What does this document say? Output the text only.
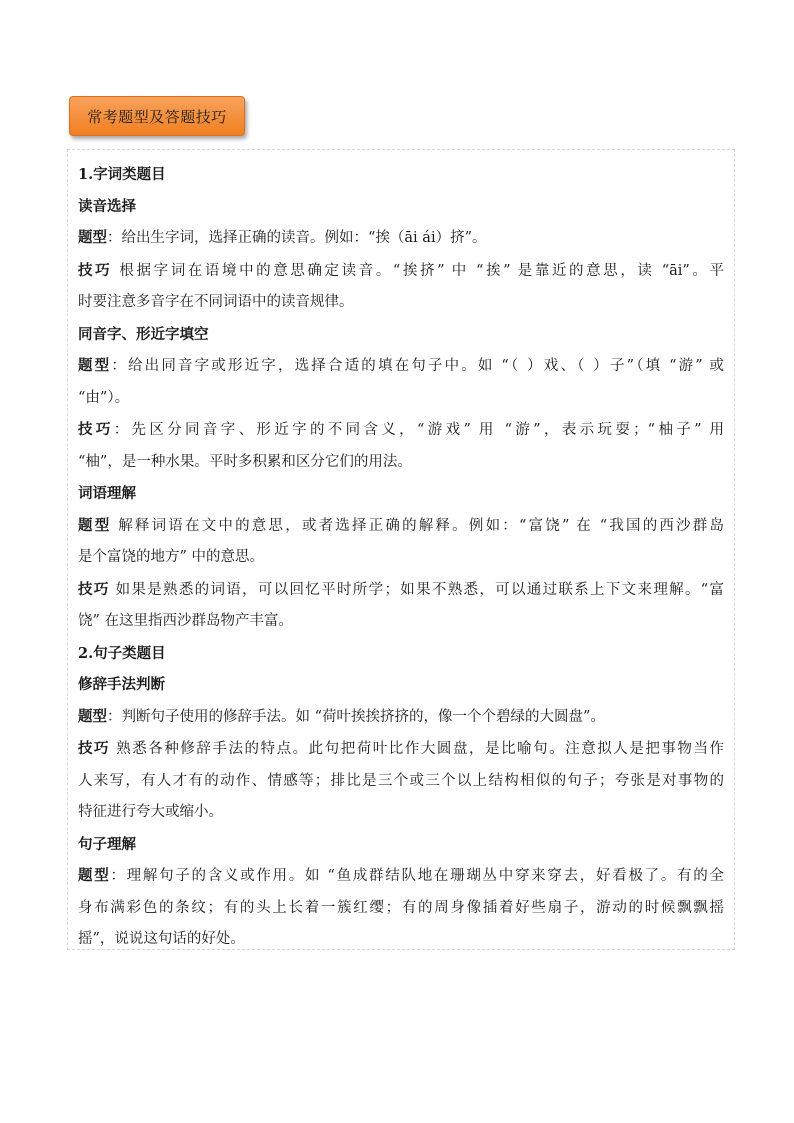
常考题型及答题技巧
1.字词类题目
读音选择
题型：给出生字词，选择正确的读音。例如：“挨（āi ái）挤”。
技巧 根据字词在语境中的意思确定读音。“挨挤” 中 “挨” 是靠近的意思，读 “āi”。平
时要注意多音字在不同词语中的读音规律。
同音字、形近字填空
题型：给出同音字或形近字，选择合适的填在句子中。如 “（ ）戏、（ ）子”（填 “游” 或
“由”）。
技巧：先区分同音字、形近字的不同含义，“游戏” 用 “游”，表示玩耍；“柚子” 用
“柚”，是一种水果。平时多积累和区分它们的用法。
词语理解
题型 解释词语在文中的意思，或者选择正确的解释。例如：“富饶” 在 “我国的西沙群岛
是个富饶的地方” 中的意思。
技巧 如果是熟悉的词语，可以回忆平时所学；如果不熟悉，可以通过联系上下文来理解。“富
饶” 在这里指西沙群岛物产丰富。
2.句子类题目
修辞手法判断
题型：判断句子使用的修辞手法。如 “荷叶挨挨挤挤的，像一个个碧绿的大圆盘”。
技巧 熟悉各种修辞手法的特点。此句把荷叶比作大圆盘，是比喻句。注意拟人是把事物当作
人来写，有人才有的动作、情感等；排比是三个或三个以上结构相似的句子；夸张是对事物的
特征进行夸大或缩小。
句子理解
题型：理解句子的含义或作用。如 “鱼成群结队地在珊瑚丛中穿来穿去，好看极了。有的全
身布满彩色的条纹；有的头上长着一簇红缨；有的周身像插着好些扇子，游动的时候飘飘摇
摇”，说说这句话的好处。
